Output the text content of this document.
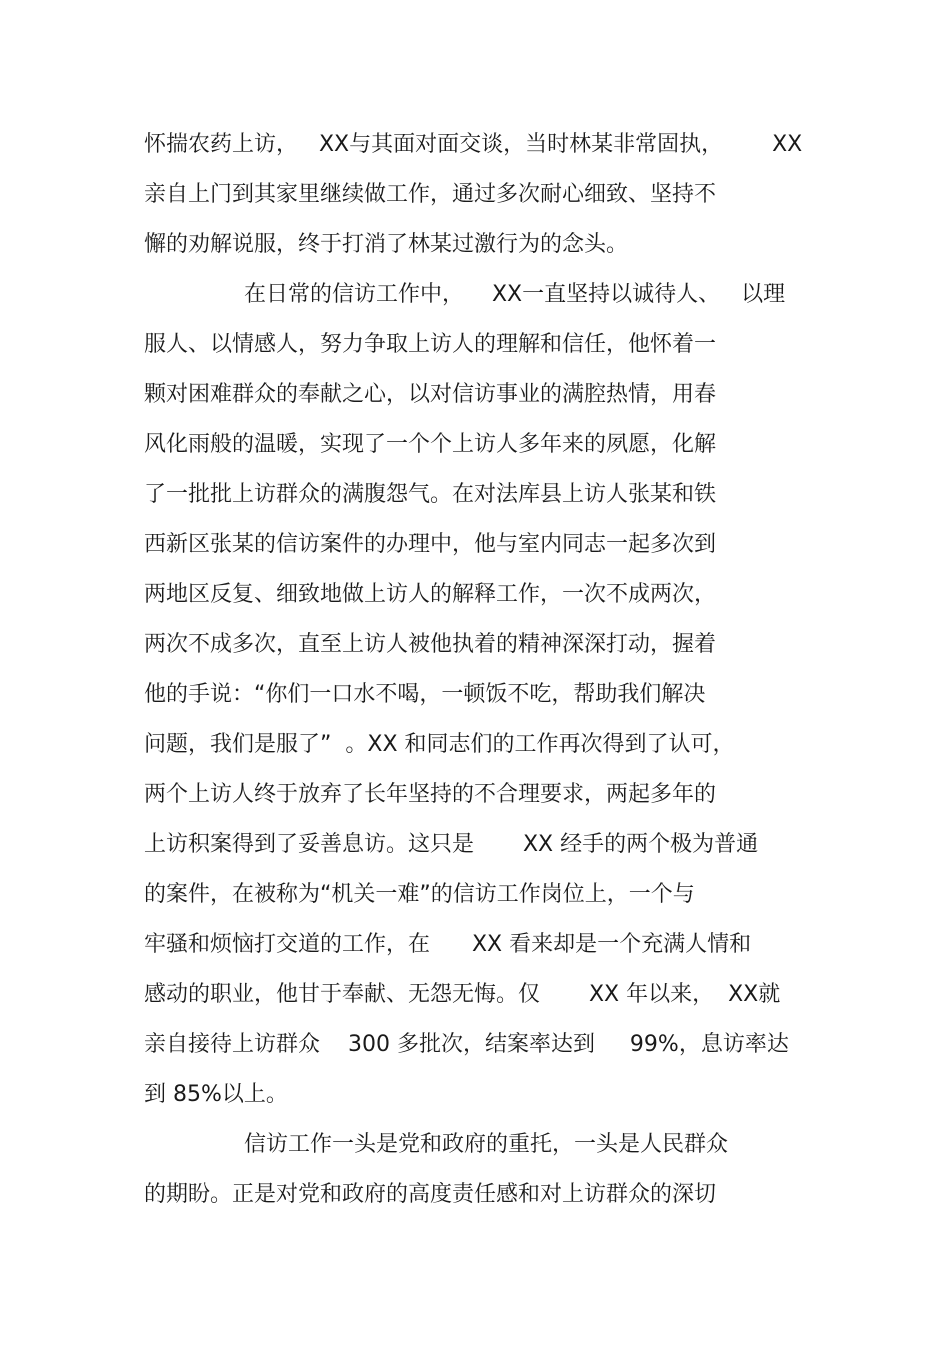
怀揣农药上访，   XX与其面对面交谈，当时林某非常固执，       XX
亲自上门到其家里继续做工作，通过多次耐心细致、坚持不
懈的劝解说服，终于打消了林某过激行为的念头。
在日常的信访工作中，    XX一直坚持以诚待人、   以理
服人、以情感人，努力争取上访人的理解和信任，他怀着一
颗对困难群众的奉献之心，以对信访事业的满腔热情，用春
风化雨般的温暖，实现了一个个上访人多年来的夙愿，化解
了一批批上访群众的满腹怨气。在对法库县上访人张某和铁
西新区张某的信访案件的办理中，他与室内同志一起多次到
两地区反复、细致地做上访人的解释工作，一次不成两次，
两次不成多次，直至上访人被他执着的精神深深打动，握着
他的手说：“你们一口水不喝，一顿饭不吃，帮助我们解决
问题，我们是服了”  。XX 和同志们的工作再次得到了认可，
两个上访人终于放弃了长年坚持的不合理要求，两起多年的
上访积案得到了妥善息访。这只是       XX 经手的两个极为普通
的案件，在被称为“机关一难”的信访工作岗位上，一个与
牢骚和烦恼打交道的工作，在      XX 看来却是一个充满人情和
感动的职业，他甘于奉献、无怨无悔。仅       XX 年以来，  XX就
亲自接待上访群众    300 多批次，结案率达到     99%，息访率达
到 85%以上。
信访工作一头是党和政府的重托，一头是人民群众
的期盼。正是对党和政府的高度责任感和对上访群众的深切
